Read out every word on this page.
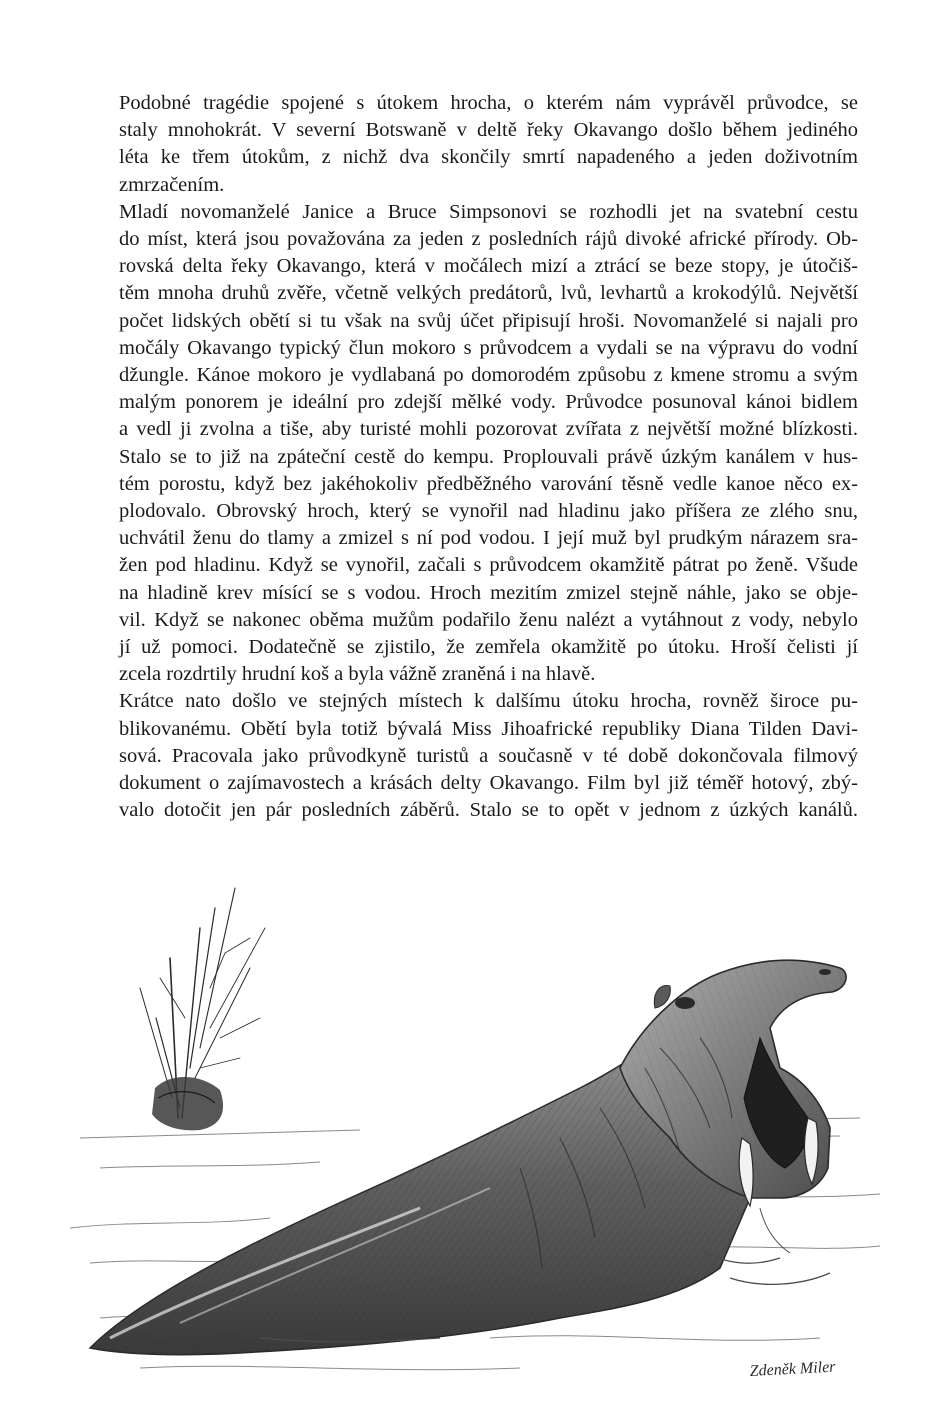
Podobné tragédie spojené s útokem hrocha, o kterém nám vyprávěl průvodce, se
staly mnohokrát. V severní Botswaně v deltě řeky Okavango došlo během jediného
léta ke třem útokům, z nichž dva skončily smrtí napadeného a jeden doživotním
zmrzačením.

Mladí novomanželé Janice a Bruce Simpsonovi se rozhodli jet na svatební cestu
do míst, která jsou považována za jeden z posledních rájů divoké africké přírody. Ob-
rovská delta řeky Okavango, která v močálech mizí a ztrácí se beze stopy, je útočiš-
těm mnoha druhů zvěře, včetně velkých predátorů, lvů, levhartů a krokodýlů. Největší
počet lidských obětí si tu však na svůj účet připisují hroši. Novomanželé si najali pro
močály Okavango typický člun mokoro s průvodcem a vydali se na výpravu do vodní
džungle. Kánoe mokoro je vydlabaná po domorodém způsobu z kmene stromu a svým
malým ponorem je ideální pro zdejší mělké vody. Průvodce posunoval kánoi bidlem
a vedl ji zvolna a tiše, aby turisté mohli pozorovat zvířata z největší možné blízkosti.
Stalo se to již na zpáteční cestě do kempu. Proplouvali právě úzkým kanálem v hus-
tém porostu, když bez jakéhokoliv předběžného varování těsně vedle kanoe něco ex-
plodovalo. Obrovský hroch, který se vynořil nad hladinu jako příšera ze zlého snu,
uchvátil ženu do tlamy a zmizel s ní pod vodou. I její muž byl prudkým nárazem sra-
žen pod hladinu. Když se vynořil, začali s průvodcem okamžitě pátrat po ženě. Všude
na hladině krev mísící se s vodou. Hroch mezitím zmizel stejně náhle, jako se obje-
vil. Když se nakonec oběma mužům podařilo ženu nalézt a vytáhnout z vody, nebylo
jí už pomoci. Dodatečně se zjistilo, že zemřela okamžitě po útoku. Hroší čelisti jí
zcela rozdrtily hrudní koš a byla vážně zraněná i na hlavě.

Krátce nato došlo ve stejných místech k dalšímu útoku hrocha, rovněž široce pu-
blikovanému. Obětí byla totiž bývalá Miss Jihoafrické republiky Diana Tilden Davi-
sová. Pracovala jako průvodkyně turistů a současně v té době dokončovala filmový
dokument o zajímavostech a krásách delty Okavango. Film byl již téměř hotový, zbý-
valo dotočit jen pár posledních záběrů. Stalo se to opět v jednom z úzkých kanálů.

Zdeněk Miler
